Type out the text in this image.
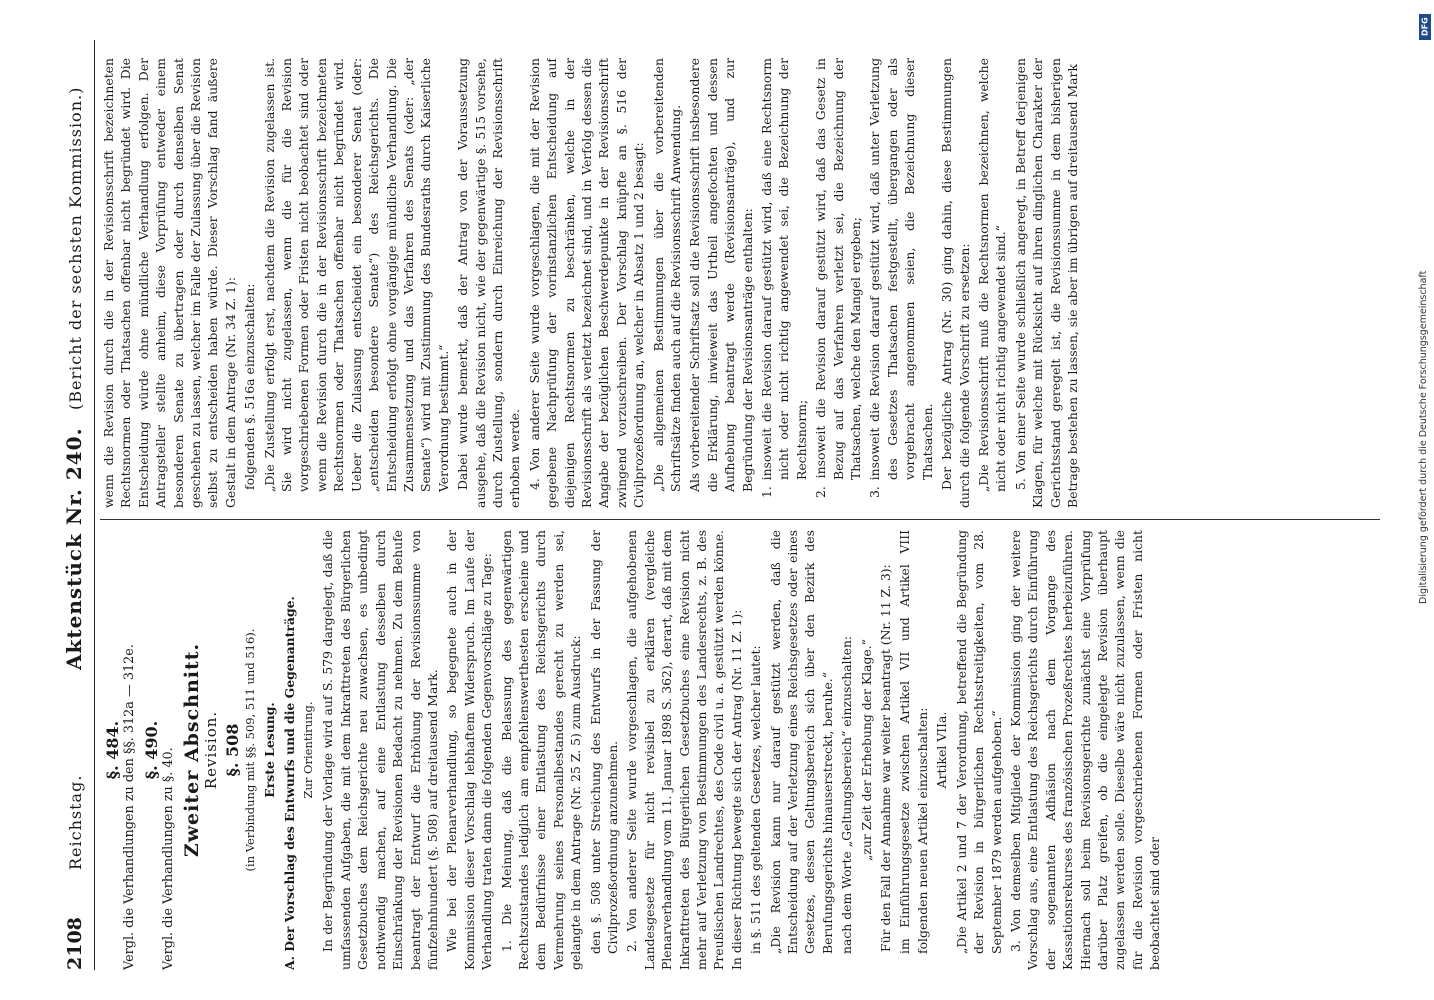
2108
Reichstag.
Aktenstück Nr. 240.
(Bericht der sechsten Kommission.)

§. 484. Vergl. die Verhandlungen zu den §§. 312a — 312e. §. 490. Vergl. die Verhandlungen zu §. 40. Zweiter Abschnitt. Revision. §. 508 (in Verbindung mit §§. 509, 511 und 516). Erste Lesung. A. Der Vorschlag des Entwurfs und die Gegenanträge. Zur Orientirung. In der Begründung der Vorlage wird auf S. 579 dargelegt, daß die umfassenden Aufgaben, die mit dem Inkrafttreten des Bürgerlichen Gesetzbuches dem Reichsgerichte neu zuwachsen, es unbedingt nothwendig machen, auf eine Entlastung desselben durch Einschränkung der Revisionen Bedacht zu nehmen. Zu dem Behufe beantragt der Entwurf die Erhöhung der Revisionssumme von fünfzehnhundert (§. 508) auf dreitausend Mark. Wie bei der Plenarverhandlung, so begegnete auch in der Kommission dieser Vorschlag lebhaftem Widerspruch. Im Laufe der Verhandlung traten dann die folgenden Gegenvorschläge zu Tage: 1. Die Meinung, daß die Belassung des gegenwärtigen Rechtszustandes lediglich am empfehlenswerthesten erscheine und dem Bedürfnisse einer Entlastung des Reichsgerichts durch Vermehrung seines Personalbestandes gerecht zu werden sei, gelangte in dem Antrage (Nr. 25 Z. 5) zum Ausdruck: den §. 508 unter Streichung des Entwurfs in der Fassung der Civilprozeßordnung anzunehmen. 2. Von anderer Seite wurde vorgeschlagen, die aufgehobenen Landesgesetze für nicht revisibel zu erklären (vergleiche Plenarverhandlung vom 11. Januar 1898 S. 362), derart, daß mit dem Inkrafttreten des Bürgerlichen Gesetzbuches eine Revision nicht mehr auf Verletzung von Bestimmungen des Landesrechts, z. B. des Preußischen Landrechtes, des Code civil u. a. gestützt werden könne. In dieser Richtung bewegte sich der Antrag (Nr. 11 Z. 1): in §. 511 des geltenden Gesetzes, welcher lautet: „Die Revision kann nur darauf gestützt werden, daß die Entscheidung auf der Verletzung eines Reichsgesetzes oder eines Gesetzes, dessen Geltungsbereich sich über den Bezirk des Berufungsgerichts hinauserstreckt, beruhe.“ nach dem Worte „Geltungsbereich“ einzuschalten: „zur Zeit der Erhebung der Klage.“ Für den Fall der Annahme war weiter beantragt (Nr. 11 Z. 3): im Einführungsgesetze zwischen Artikel VII und Artikel VIII folgenden neuen Artikel einzuschalten: Artikel VIIa. „Die Artikel 2 und 7 der Verordnung, betreffend die Begründung der Revision in bürgerlichen Rechtsstreitigkeiten, vom 28. September 1879 werden aufgehoben.“ 3. Von demselben Mitgliede der Kommission ging der weitere Vorschlag aus, eine Entlastung des Reichsgerichts durch Einführung der sogenannten Adhäsion nach dem Vorgange des Kassationsrekurses des französischen Prozeßrechtes herbeizuführen. Hiernach soll beim Revisionsgerichte zunächst eine Vorprüfung darüber Platz greifen, ob die eingelegte Revision überhaupt zugelassen werden solle. Dieselbe wäre nicht zuzulassen, wenn die für die Revision vorgeschriebenen Formen oder Fristen nicht beobachtet sind oder

wenn die Revision durch die in der Revisionsschrift bezeichneten Rechtsnormen oder Thatsachen offenbar nicht begründet wird. Die Entscheidung würde ohne mündliche Verhandlung erfolgen. Der Antragsteller stellte anheim, diese Vorprüfung entweder einem besonderen Senate zu übertragen oder durch denselben Senat geschehen zu lassen, welcher im Falle der Zulassung über die Revision selbst zu entscheiden haben würde. Dieser Vorschlag fand äußere Gestalt in dem Antrage (Nr. 34 Z. 1): folgenden §. 516a einzuschalten: „Die Zustellung erfolgt erst, nachdem die Revision zugelassen ist. Sie wird nicht zugelassen, wenn die für die Revision vorgeschriebenen Formen oder Fristen nicht beobachtet sind oder wenn die Revision durch die in der Revisionsschrift bezeichneten Rechtsnormen oder Thatsachen offenbar nicht begründet wird. Ueber die Zulassung entscheidet ein besonderer Senat (oder: „entscheiden besondere Senate“) des Reichsgerichts. Die Entscheidung erfolgt ohne vorgängige mündliche Verhandlung. Die Zusammensetzung und das Verfahren des Senats (oder: „der Senate“) wird mit Zustimmung des Bundesraths durch Kaiserliche Verordnung bestimmt.“ Dabei wurde bemerkt, daß der Antrag von der Voraussetzung ausgehe, daß die Revision nicht, wie der gegenwärtige §. 515 vorsehe, durch Zustellung, sondern durch Einreichung der Revisionsschrift erhoben werde. 4. Von anderer Seite wurde vorgeschlagen, die mit der Revision gegebene Nachprüfung der vorinstanzlichen Entscheidung auf diejenigen Rechtsnormen zu beschränken, welche in der Revisionsschrift als verletzt bezeichnet sind, und in Verfolg dessen die Angabe der bezüglichen Beschwerdepunkte in der Revisionsschrift zwingend vorzuschreiben. Der Vorschlag knüpfte an §. 516 der Civilprozeßordnung an, welcher in Absatz 1 und 2 besagt: „Die allgemeinen Bestimmungen über die vorbereitenden Schriftsätze finden auch auf die Revisionsschrift Anwendung. Als vorbereitender Schriftsatz soll die Revisionsschrift insbesondere die Erklärung, inwieweit das Urtheil angefochten und dessen Aufhebung beantragt werde (Revisionsanträge), und zur Begründung der Revisionsanträge enthalten: 1. insoweit die Revision darauf gestützt wird, daß eine Rechtsnorm nicht oder nicht richtig angewendet sei, die Bezeichnung der Rechtsnorm; 2. insoweit die Revision darauf gestützt wird, daß das Gesetz in Bezug auf das Verfahren verletzt sei, die Bezeichnung der Thatsachen, welche den Mangel ergeben; 3. insoweit die Revision darauf gestützt wird, daß unter Verletzung des Gesetzes Thatsachen festgestellt, übergangen oder als vorgebracht angenommen seien, die Bezeichnung dieser Thatsachen. Der bezügliche Antrag (Nr. 30) ging dahin, diese Bestimmungen durch die folgende Vorschrift zu ersetzen: „Die Revisionsschrift muß die Rechtsnormen bezeichnen, welche nicht oder nicht richtig angewendet sind.“ 5. Von einer Seite wurde schließlich angeregt, in Betreff derjenigen Klagen, für welche mit Rücksicht auf ihren dinglichen Charakter der Gerichtsstand geregelt ist, die Revisionssumme in dem bisherigen Betrage bestehen zu lassen, sie aber im übrigen auf dreitausend Mark

DFG
Digitalisierung gefördert durch die Deutsche Forschungsgemeinschaft
